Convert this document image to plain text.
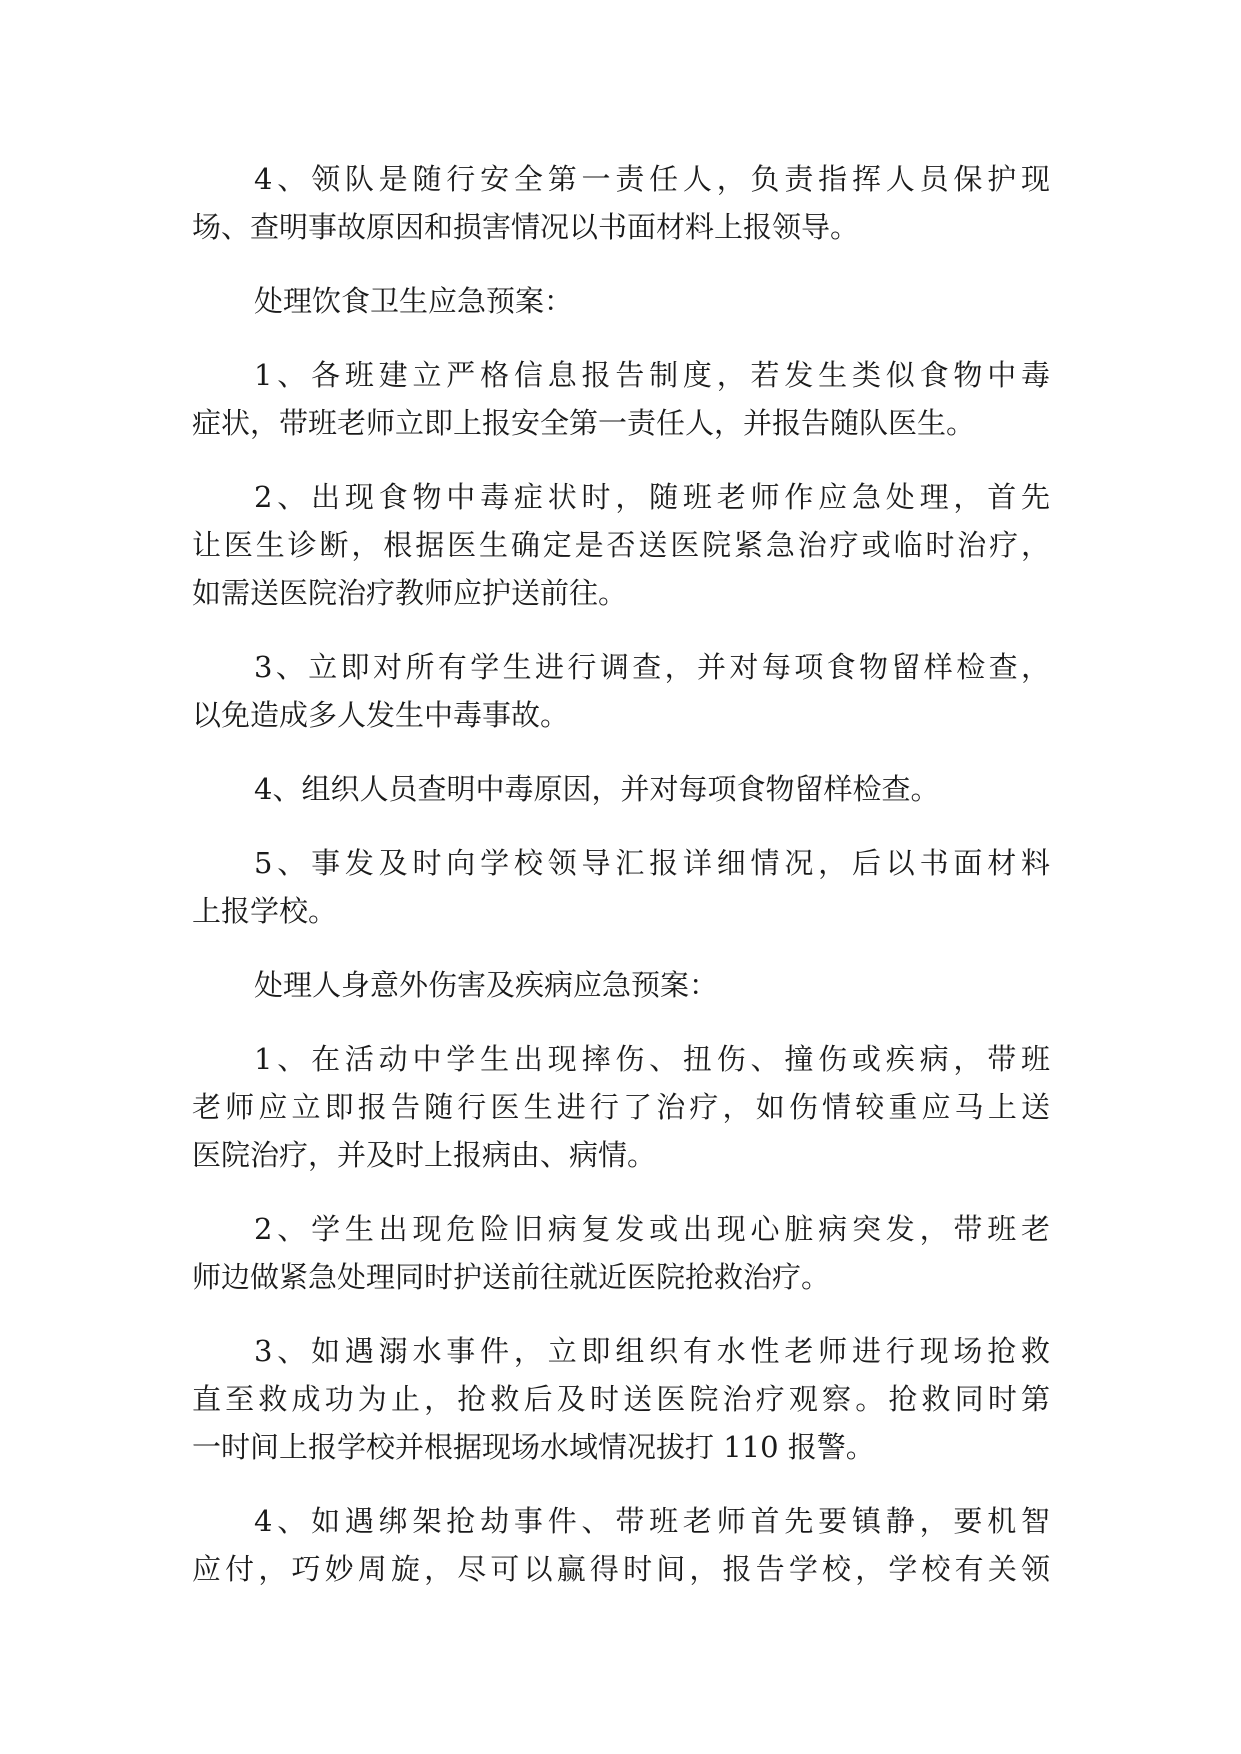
4、领队是随行安全第一责任人，负责指挥人员保护现
场、查明事故原因和损害情况以书面材料上报领导。
处理饮食卫生应急预案：
1、各班建立严格信息报告制度，若发生类似食物中毒
症状，带班老师立即上报安全第一责任人，并报告随队医生。
2、出现食物中毒症状时，随班老师作应急处理，首先
让医生诊断，根据医生确定是否送医院紧急治疗或临时治疗，
如需送医院治疗教师应护送前往。
3、立即对所有学生进行调查，并对每项食物留样检查，
以免造成多人发生中毒事故。
4、组织人员查明中毒原因，并对每项食物留样检查。
5、事发及时向学校领导汇报详细情况，后以书面材料
上报学校。
处理人身意外伤害及疾病应急预案：
1、在活动中学生出现摔伤、扭伤、撞伤或疾病，带班
老师应立即报告随行医生进行了治疗，如伤情较重应马上送
医院治疗，并及时上报病由、病情。
2、学生出现危险旧病复发或出现心脏病突发，带班老
师边做紧急处理同时护送前往就近医院抢救治疗。
3、如遇溺水事件，立即组织有水性老师进行现场抢救
直至救成功为止，抢救后及时送医院治疗观察。抢救同时第
一时间上报学校并根据现场水域情况拔打 110 报警。
4、如遇绑架抢劫事件、带班老师首先要镇静，要机智
应付，巧妙周旋，尽可以赢得时间，报告学校，学校有关领
